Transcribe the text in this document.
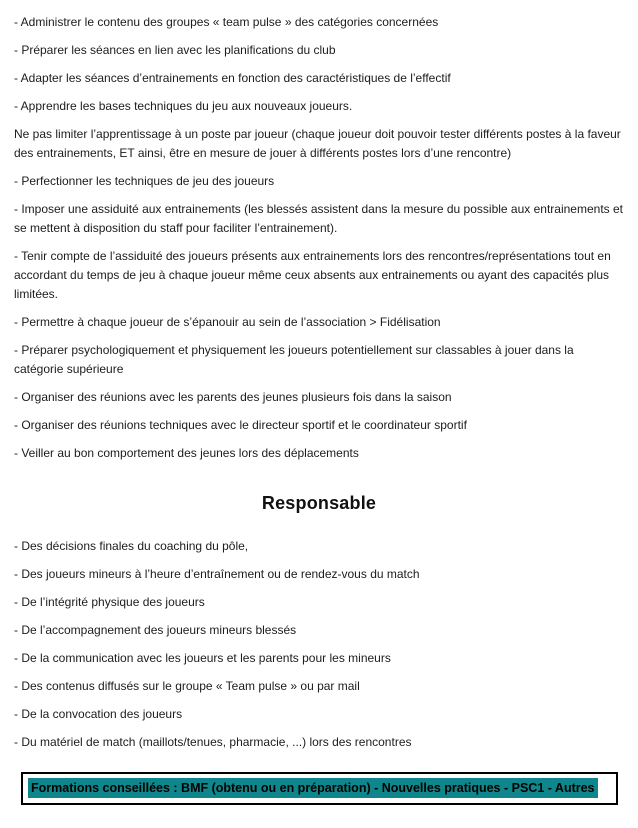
- Administrer le contenu des groupes « team pulse » des catégories concernées

- Préparer les séances en lien avec les planifications du club

- Adapter les séances d’entrainements en fonction des caractéristiques de l’effectif

- Apprendre les bases techniques du jeu aux nouveaux joueurs.

Ne pas limiter l’apprentissage à un poste par joueur (chaque joueur doit pouvoir tester différents postes à la faveur des entrainements, ET ainsi, être en mesure de jouer à différents postes lors d’une rencontre)

- Perfectionner les techniques de jeu des joueurs

- Imposer une assiduité aux entrainements (les blessés assistent dans la mesure du possible aux entrainements et se mettent à disposition du staff pour faciliter l’entrainement).

- Tenir compte de l’assiduité des joueurs présents aux entrainements lors des rencontres/représentations tout en accordant du temps de jeu à chaque joueur même ceux absents aux entrainements ou ayant des capacités plus limitées.

- Permettre à chaque joueur de s’épanouir au sein de l’association > Fidélisation

- Préparer psychologiquement et physiquement les joueurs potentiellement sur classables à jouer dans la catégorie supérieure

- Organiser des réunions avec les parents des jeunes plusieurs fois dans la saison

- Organiser des réunions techniques avec le directeur sportif et le coordinateur sportif

- Veiller au bon comportement des jeunes lors des déplacements

Responsable

- Des décisions finales du coaching du pôle,

- Des joueurs mineurs à l’heure d’entraînement ou de rendez-vous du match

- De l’intégrité physique des joueurs

- De l’accompagnement des joueurs mineurs blessés

- De la communication avec les joueurs et les parents pour les mineurs

- Des contenus diffusés sur le groupe « Team pulse » ou par mail

- De la convocation des joueurs

- Du matériel de match (maillots/tenues, pharmacie, ...) lors des rencontres

Formations conseillées : BMF (obtenu ou en préparation) - Nouvelles pratiques - PSC1 - Autres
